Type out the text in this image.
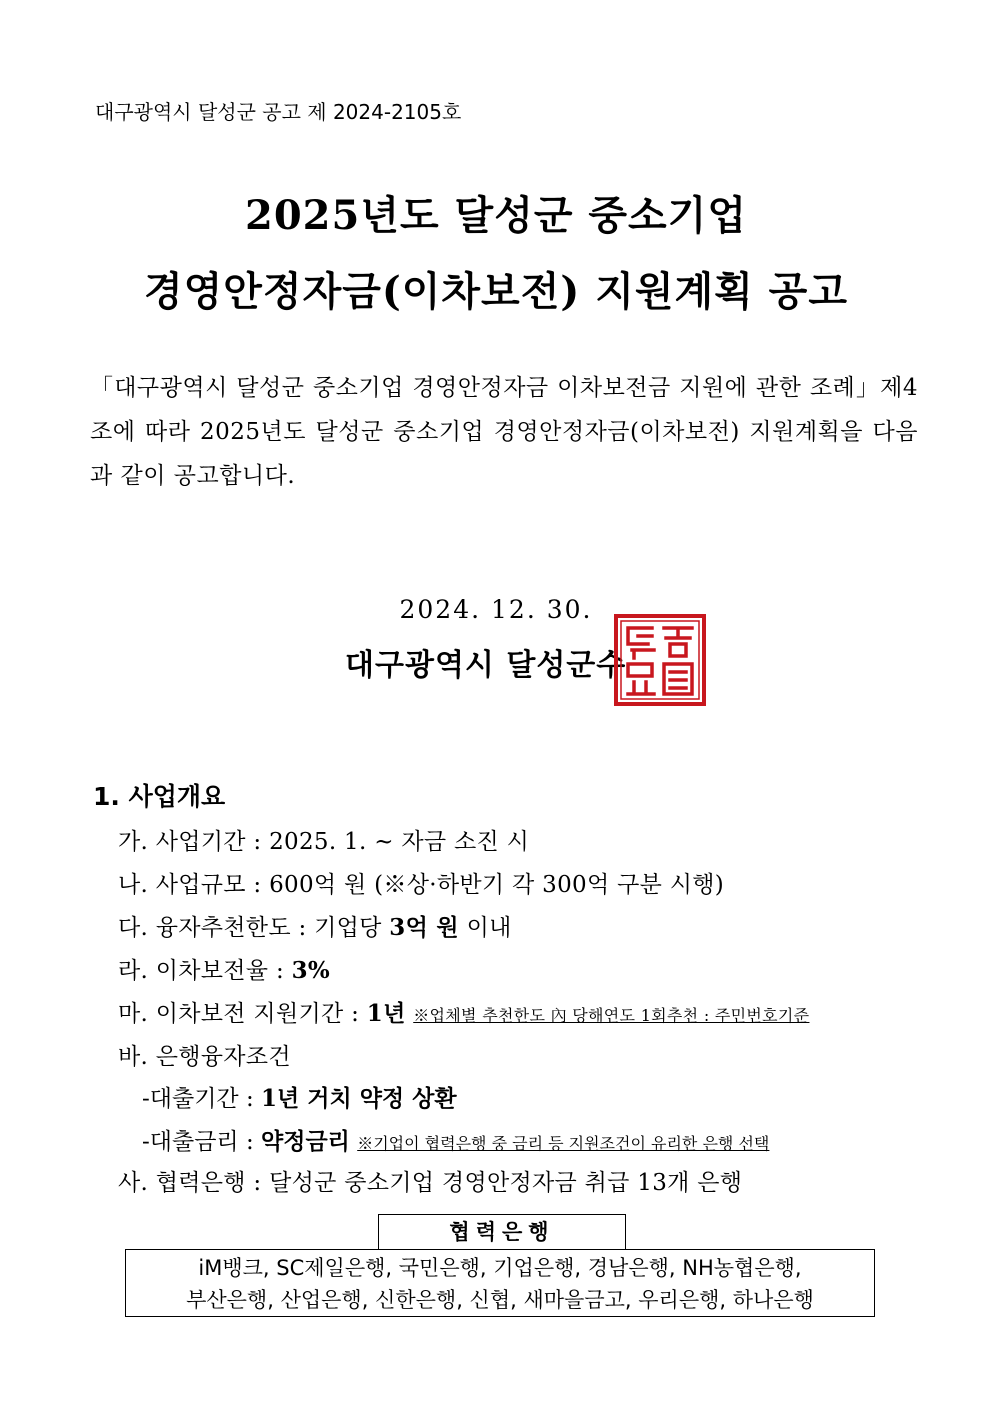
대구광역시 달성군 공고 제 2024-2105호
2025년도 달성군 중소기업
경영안정자금(이차보전) 지원계획 공고
「대구광역시 달성군 중소기업 경영안정자금 이차보전금 지원에 관한 조례」제4조에 따라 2025년도 달성군 중소기업 경영안정자금(이차보전) 지원계획을 다음과 같이 공고합니다.
2024. 12. 30.
대구광역시 달성군수
1. 사업개요
가. 사업기간 : 2025. 1. ~ 자금 소진 시
나. 사업규모 : 600억 원 (※상·하반기 각 300억 구분 시행)
다. 융자추천한도 : 기업당 3억 원 이내
라. 이차보전율 : 3%
마. 이차보전 지원기간 : 1년 ※업체별 추천한도 內 당해연도 1회추천 : 주민번호기준
바. 은행융자조건
-대출기간 : 1년 거치 약정 상환
-대출금리 : 약정금리 ※기업이 협력은행 중 금리 등 지원조건이 유리한 은행 선택
사. 협력은행 : 달성군 중소기업 경영안정자금 취급 13개 은행
협력은행
iM뱅크, SC제일은행, 국민은행, 기업은행, 경남은행, NH농협은행,
부산은행, 산업은행, 신한은행, 신협, 새마을금고, 우리은행, 하나은행
